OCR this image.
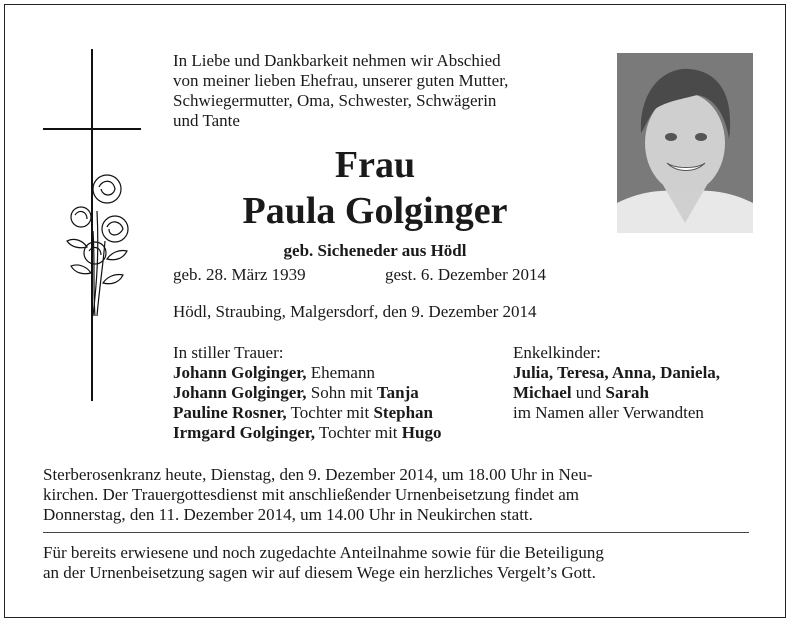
In Liebe und Dankbarkeit nehmen wir Abschied

von meiner lieben Ehefrau, unserer guten Mutter,

Schwiegermutter, Oma, Schwester, Schwägerin

und Tante

Frau
Paula Golginger
geb. Sicheneder aus Hödl
geb. 28. März 1939	gest. 6. Dezember 2014
Hödl, Straubing, Malgersdorf, den 9. Dezember 2014
In stiller Trauer:
Johann Golginger, Ehemann
Johann Golginger, Sohn mit Tanja
Pauline Rosner, Tochter mit Stephan
Irmgard Golginger, Tochter mit Hugo
Enkelkinder:
Julia, Teresa, Anna, Daniela,
Michael und Sarah
im Namen aller Verwandten

Sterberosenkranz heute, Dienstag, den 9. Dezember 2014, um 18.00 Uhr in Neu-

kirchen. Der Trauergottesdienst mit anschließender Urnenbeisetzung findet am

Donnerstag, den 11. Dezember 2014, um 14.00 Uhr in Neukirchen statt.

Für bereits erwiesene und noch zugedachte Anteilnahme sowie für die Beteiligung

an der Urnenbeisetzung sagen wir auf diesem Wege ein herzliches Vergelt’s Gott.
